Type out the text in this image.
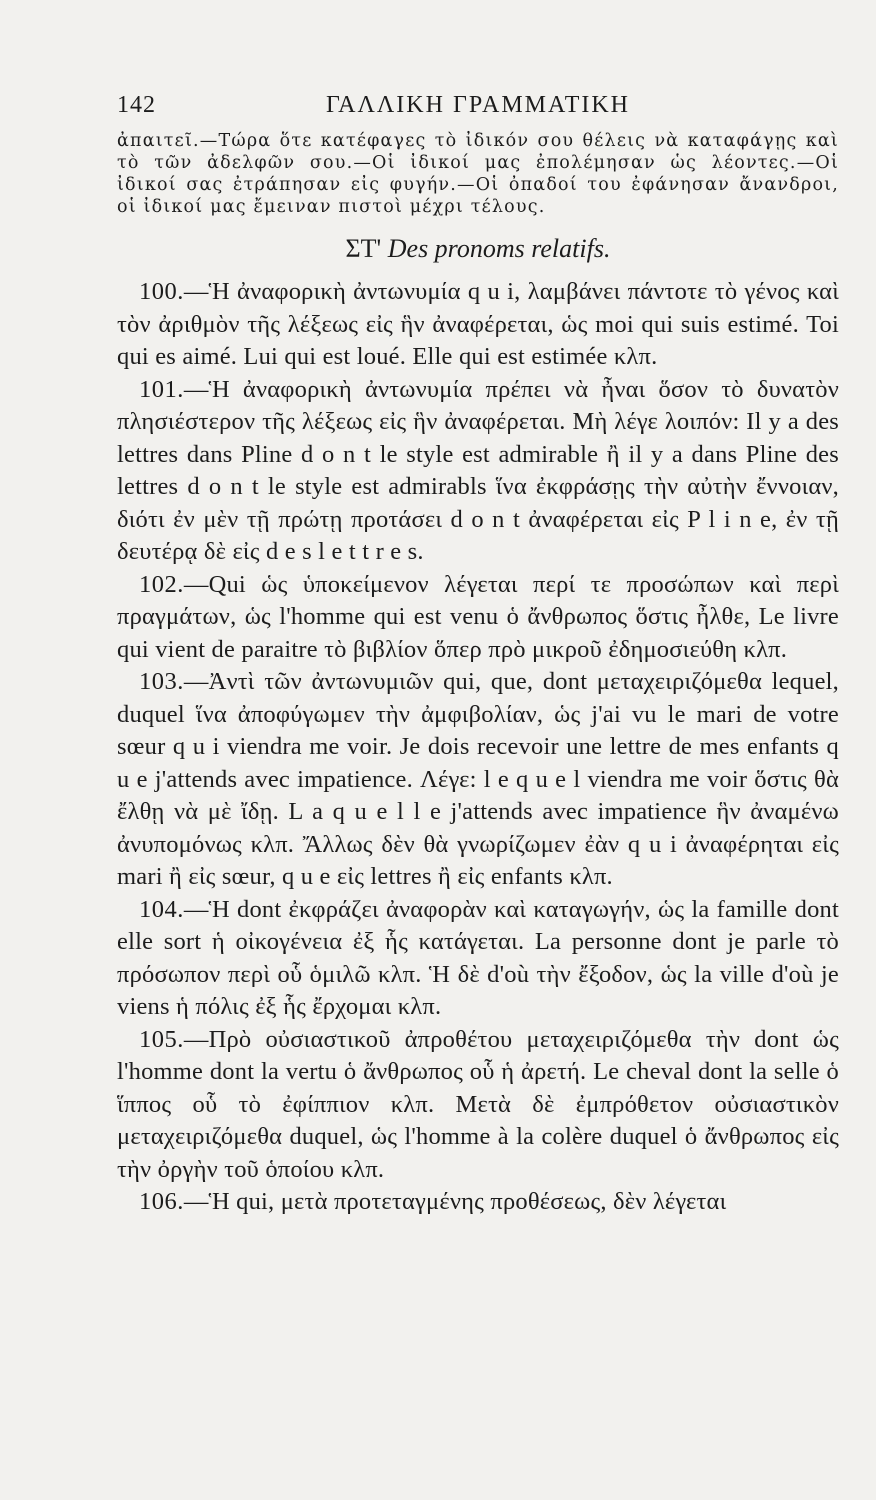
142	ΓΑΛΛΙΚΗ ΓΡΑΜΜΑΤΙΚΗ

ἀπαιτεῖ.—Τώρα ὅτε κατέφαγες τὸ ἰδικόν σου θέλεις νὰ καταφάγῃς καὶ τὸ τῶν ἀδελφῶν σου.—Οἱ ἰδικοί μας ἐπολέμησαν ὡς λέοντες.—Οἱ ἰδικοί σας ἐτράπησαν εἰς φυγήν.—Οἱ ὀπαδοί του ἐφάνησαν ἄνανδροι, οἱ ἰδικοί μας ἔμειναν πιστοὶ μέχρι τέλους.

ΣΤ' Des pronoms relatifs.

100.—Ἡ ἀναφορικὴ ἀντωνυμία q u i, λαμβάνει πάντοτε τὸ γένος καὶ τὸν ἀριθμὸν τῆς λέξεως εἰς ἣν ἀναφέρεται, ὡς moi qui suis estimé. Toi qui es aimé. Lui qui est loué. Elle qui est estimée κλπ.

101.—Ἡ ἀναφορικὴ ἀντωνυμία πρέπει νὰ ἦναι ὅσον τὸ δυνατὸν πλησιέστερον τῆς λέξεως εἰς ἣν ἀναφέρεται. Μὴ λέγε λοιπόν: Il y a des lettres dans Pline d o n t le style est admirable ἢ il y a dans Pline des lettres d o n t le style est admirabls ἵνα ἐκφράσῃς τὴν αὐτὴν ἔννοιαν, διότι ἐν μὲν τῇ πρώτῃ προτάσει d o n t ἀναφέρεται εἰς P l i n e, ἐν τῇ δευτέρᾳ δὲ εἰς d e s l e t t r e s.

102.—Qui ὡς ὑποκείμενον λέγεται περί τε προσώπων καὶ περὶ πραγμάτων, ὡς l'homme qui est venu ὁ ἄνθρωπος ὅστις ἦλθε, Le livre qui vient de paraitre τὸ βιβλίον ὅπερ πρὸ μικροῦ ἐδημοσιεύθη κλπ.

103.—Ἀντὶ τῶν ἀντωνυμιῶν qui, que, dont μεταχειριζόμεθα lequel, duquel ἵνα ἀποφύγωμεν τὴν ἀμφιβολίαν, ὡς j'ai vu le mari de votre sœur q u i viendra me voir. Je dois recevoir une lettre de mes enfants q u e j'attends avec impatience. Λέγε: l e q u e l viendra me voir ὅστις θὰ ἔλθῃ νὰ μὲ ἴδῃ. L a q u e l l e j'attends avec impatience ἣν ἀναμένω ἀνυπομόνως κλπ. Ἄλλως δὲν θὰ γνωρίζωμεν ἐὰν q u i ἀναφέρηται εἰς mari ἢ εἰς sœur, q u e εἰς lettres ἢ εἰς enfants κλπ.

104.—Ἡ dont ἐκφράζει ἀναφορὰν καὶ καταγωγήν, ὡς la famille dont elle sort ἡ οἰκογένεια ἐξ ἧς κατάγεται. La personne dont je parle τὸ πρόσωπον περὶ οὗ ὁμιλῶ κλπ. Ἡ δὲ d'où τὴν ἔξοδον, ὡς la ville d'où je viens ἡ πόλις ἐξ ἧς ἔρχομαι κλπ.

105.—Πρὸ οὐσιαστικοῦ ἀπροθέτου μεταχειριζόμεθα τὴν dont ὡς l'homme dont la vertu ὁ ἄνθρωπος οὗ ἡ ἀρετή. Le cheval dont la selle ὁ ἵππος οὗ τὸ ἐφίππιον κλπ. Μετὰ δὲ ἐμπρόθετον οὐσιαστικὸν μεταχειριζόμεθα duquel, ὡς l'homme à la colère duquel ὁ ἄνθρωπος εἰς τὴν ὀργὴν τοῦ ὁποίου κλπ.

106.—Ἡ qui, μετὰ προτεταγμένης προθέσεως, δὲν λέγεται
